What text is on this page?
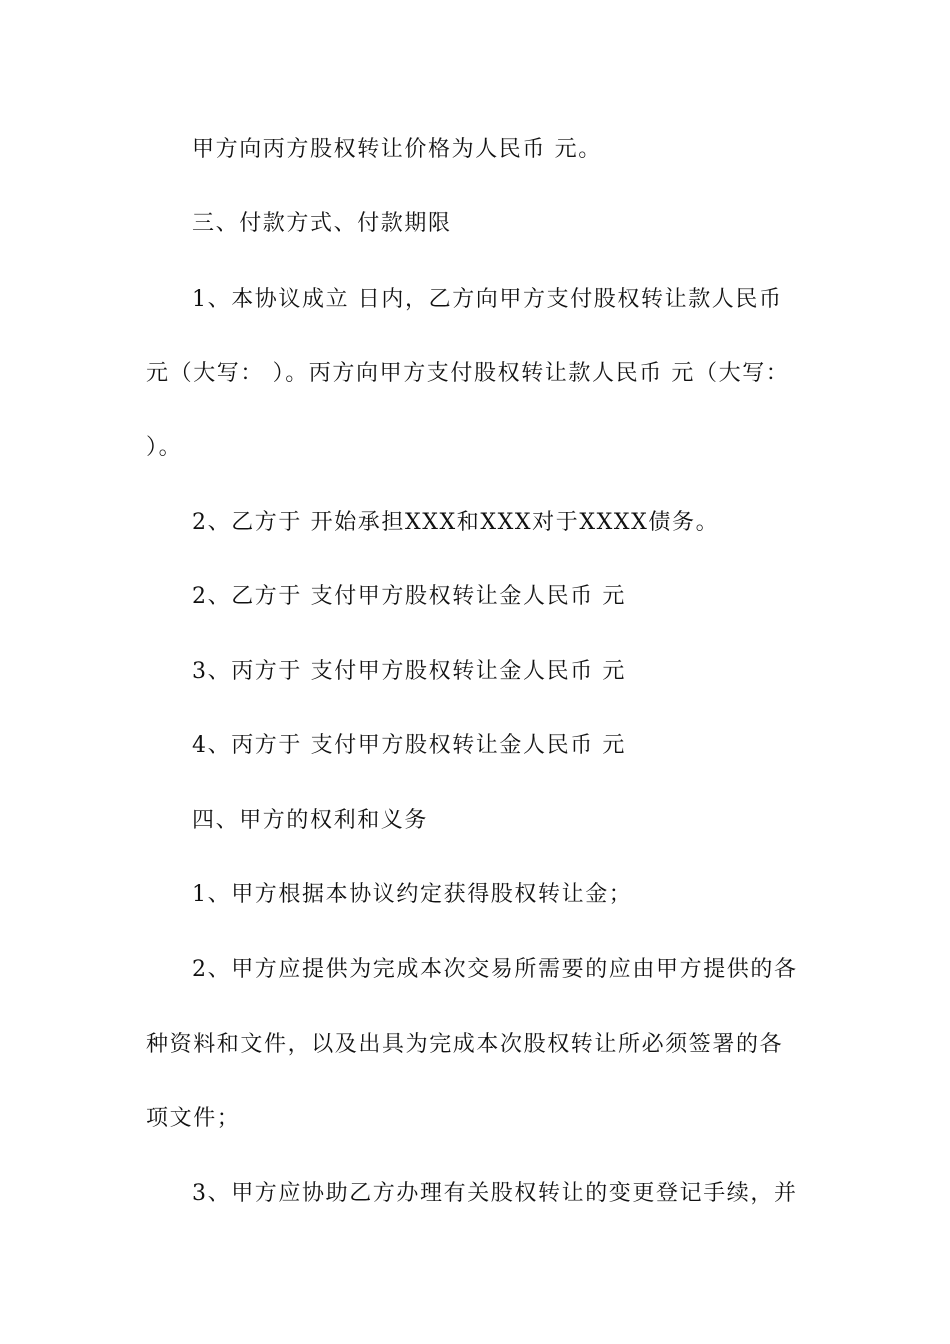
甲方向丙方股权转让价格为人民币 元。

三、付款方式、付款期限

1、本协议成立 日内，乙方向甲方支付股权转让款人民币

元（大写： ）。丙方向甲方支付股权转让款人民币 元（大写：

）。

2、乙方于 开始承担XXX和XXX对于XXXX债务。

2、乙方于 支付甲方股权转让金人民币 元

3、丙方于 支付甲方股权转让金人民币 元

4、丙方于 支付甲方股权转让金人民币 元

四、甲方的权利和义务

1、甲方根据本协议约定获得股权转让金；

2、甲方应提供为完成本次交易所需要的应由甲方提供的各

种资料和文件，以及出具为完成本次股权转让所必须签署的各

项文件；

3、甲方应协助乙方办理有关股权转让的变更登记手续，并
